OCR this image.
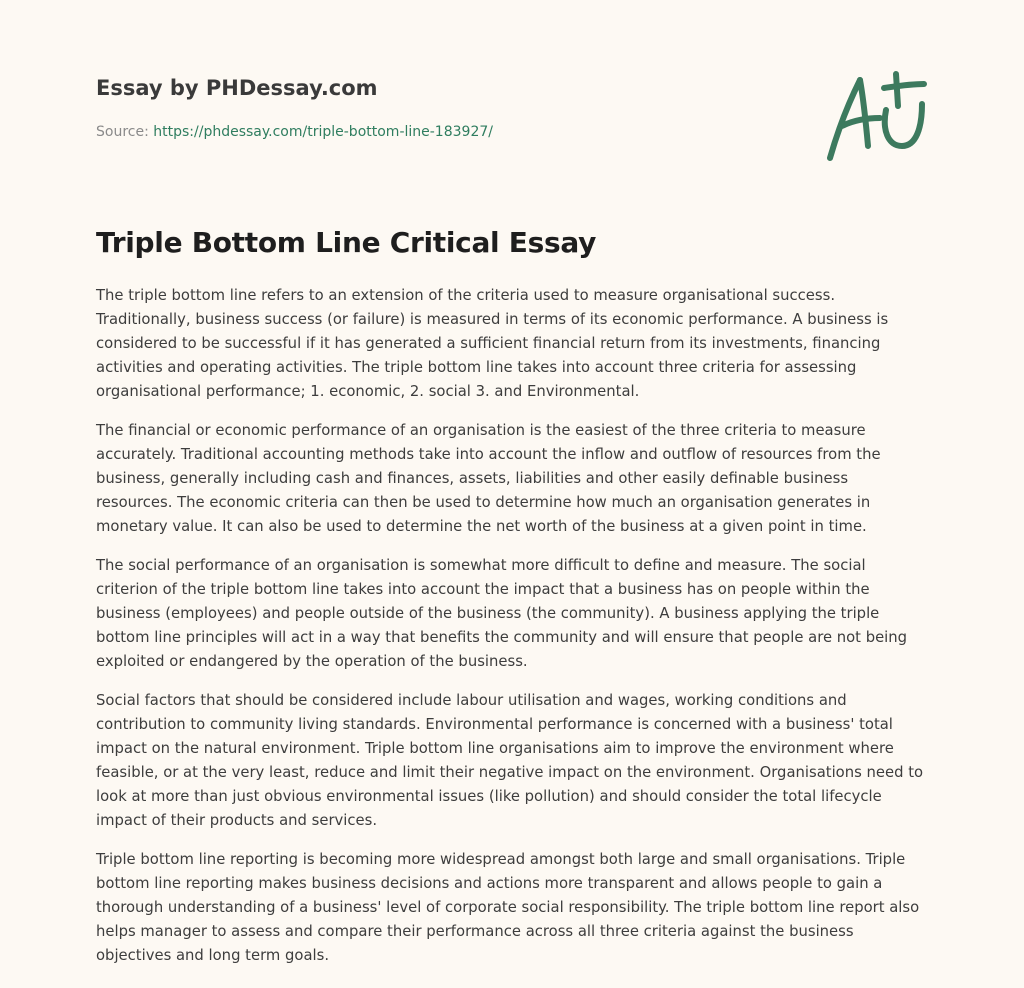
Essay by PHDessay.com

Source: https://phdessay.com/triple-bottom-line-183927/

Triple Bottom Line Critical Essay

The triple bottom line refers to an extension of the criteria used to measure organisational success. Traditionally, business success (or failure) is measured in terms of its economic performance. A business is considered to be successful if it has generated a sufficient financial return from its investments, financing activities and operating activities. The triple bottom line takes into account three criteria for assessing organisational performance; 1. economic, 2. social 3. and Environmental.

The financial or economic performance of an organisation is the easiest of the three criteria to measure accurately. Traditional accounting methods take into account the inflow and outflow of resources from the business, generally including cash and finances, assets, liabilities and other easily definable business resources. The economic criteria can then be used to determine how much an organisation generates in monetary value. It can also be used to determine the net worth of the business at a given point in time.

The social performance of an organisation is somewhat more difficult to define and measure. The social criterion of the triple bottom line takes into account the impact that a business has on people within the business (employees) and people outside of the business (the community). A business applying the triple bottom line principles will act in a way that benefits the community and will ensure that people are not being exploited or endangered by the operation of the business.

Social factors that should be considered include labour utilisation and wages, working conditions and contribution to community living standards. Environmental performance is concerned with a business' total impact on the natural environment. Triple bottom line organisations aim to improve the environment where feasible, or at the very least, reduce and limit their negative impact on the environment. Organisations need to look at more than just obvious environmental issues (like pollution) and should consider the total lifecycle impact of their products and services.

Triple bottom line reporting is becoming more widespread amongst both large and small organisations. Triple bottom line reporting makes business decisions and actions more transparent and allows people to gain a thorough understanding of a business' level of corporate social responsibility. The triple bottom line report also helps manager to assess and compare their performance across all three criteria against the business objectives and long term goals.
